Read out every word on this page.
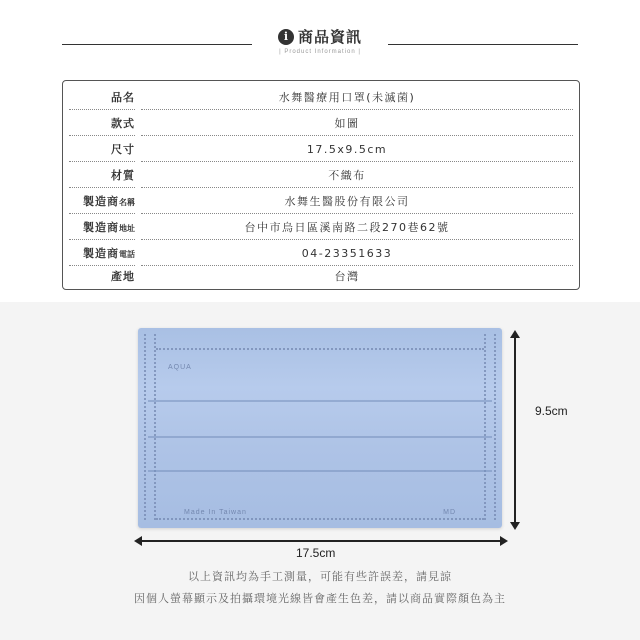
i 商品資訊
| Product Information |
品名	水舞醫療用口罩(未滅菌)
款式	如圖
尺寸	17.5x9.5cm
材質	不織布
製造商名稱	水舞生醫股份有限公司
製造商地址	台中市烏日區溪南路二段270巷62號
製造商電話	04-23351633
產地	台灣
AQUA
Made In Taiwan	MD
9.5cm
17.5cm
以上資訊均為手工測量，可能有些許誤差，請見諒
因個人螢幕顯示及拍攝環境光線皆會產生色差，請以商品實際顏色為主
